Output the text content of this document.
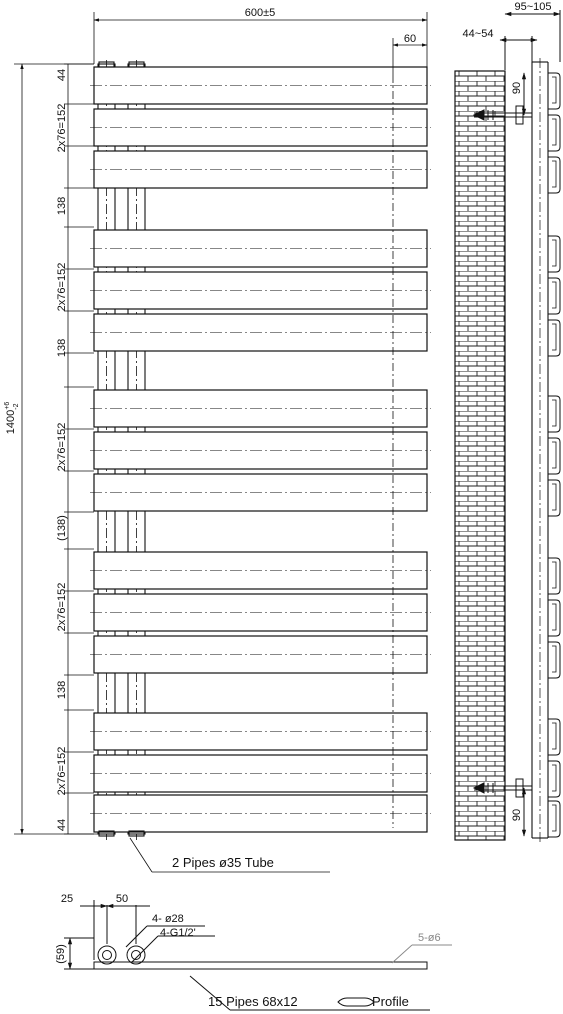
600±5
60
$1400^{+6}$ -2
44
2x76=152
138
2x76=152
138
2x76=152
(138)
2x76=152
138
2x76=152
44
2 Pipes ø35 Tube
44~54
95~105
90
90
25	50
4- ø28
4-G1/2'
(59)
5-ø6
15 Pipes 68x12	Profile
